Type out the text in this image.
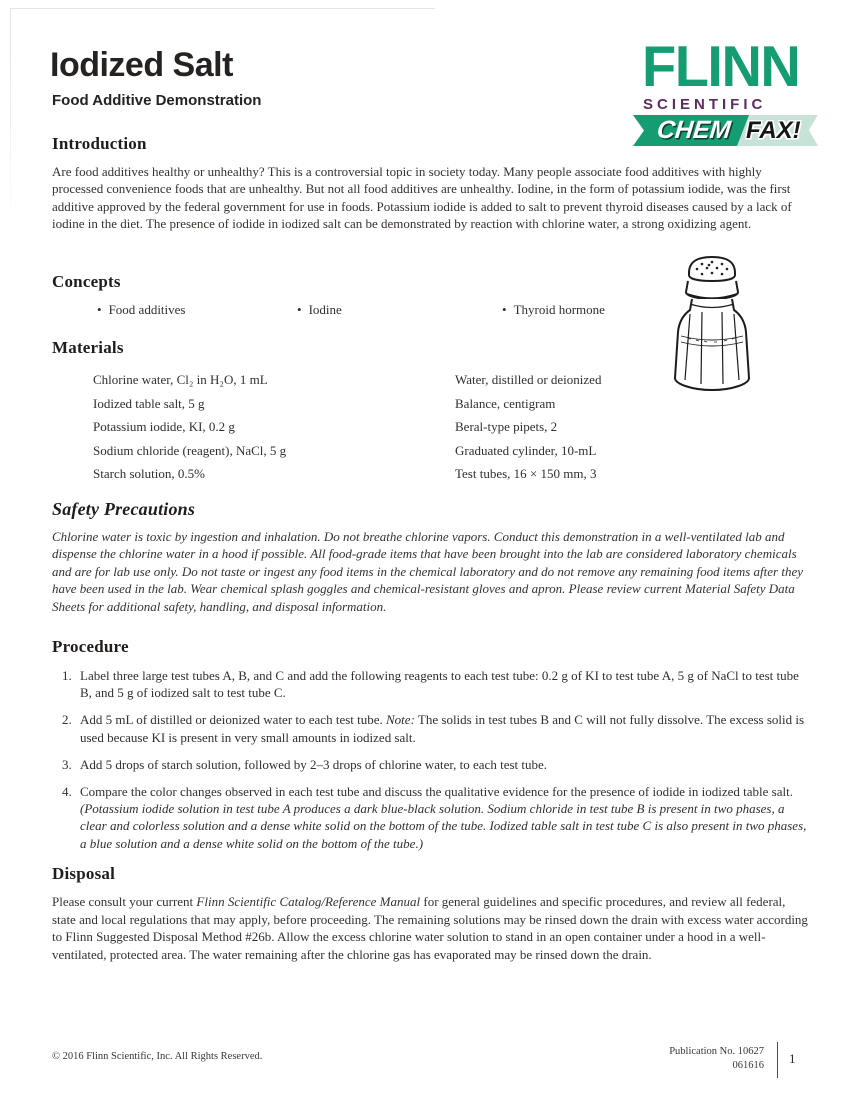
Iodized Salt
Food Additive Demonstration
FLINN
SCIENTIFIC
CHEM FAX!
Introduction

Are food additives healthy or unhealthy? This is a controversial topic in society today. Many people associate food additives with highly processed convenience foods that are unhealthy. But not all food additives are unhealthy. Iodine, in the form of potassium iodide, was the first additive approved by the federal government for use in foods. Potassium iodide is added to salt to prevent thyroid diseases caused by a lack of iodine in the diet. The presence of iodide in iodized salt can be demonstrated by reaction with chlorine water, a strong oxidizing agent.

Concepts
• Food additives	• Iodine	• Thyroid hormone
Materials
Chlorine water, Cl₂ in H₂O, 1 mL	Water, distilled or deionized
Iodized table salt, 5 g	Balance, centigram
Potassium iodide, KI, 0.2 g	Beral-type pipets, 2
Sodium chloride (reagent), NaCl, 5 g	Graduated cylinder, 10-mL
Starch solution, 0.5%	Test tubes, 16 × 150 mm, 3
Safety Precautions

Chlorine water is toxic by ingestion and inhalation. Do not breathe chlorine vapors. Conduct this demonstration in a well-ventilated lab and dispense the chlorine water in a hood if possible. All food-grade items that have been brought into the lab are considered laboratory chemicals and are for lab use only. Do not taste or ingest any food items in the chemical laboratory and do not remove any remaining food items after they have been used in the lab. Wear chemical splash goggles and chemical-resistant gloves and apron. Please review current Material Safety Data Sheets for additional safety, handling, and disposal information.

Procedure
1. Label three large test tubes A, B, and C and add the following reagents to each test tube: 0.2 g of KI to test tube A, 5 g of NaCl to test tube B, and 5 g of iodized salt to test tube C.
2. Add 5 mL of distilled or deionized water to each test tube. Note: The solids in test tubes B and C will not fully dissolve. The excess solid is used because KI is present in very small amounts in iodized salt.
3. Add 5 drops of starch solution, followed by 2–3 drops of chlorine water, to each test tube.
4. Compare the color changes observed in each test tube and discuss the qualitative evidence for the presence of iodide in iodized table salt. (Potassium iodide solution in test tube A produces a dark blue-black solution. Sodium chloride in test tube B is present in two phases, a clear and colorless solution and a dense white solid on the bottom of the tube. Iodized table salt in test tube C is also present in two phases, a blue solution and a dense white solid on the bottom of the tube.)
Disposal

Please consult your current Flinn Scientific Catalog/Reference Manual for general guidelines and specific procedures, and review all federal, state and local regulations that may apply, before proceeding. The remaining solutions may be rinsed down the drain with excess water according to Flinn Suggested Disposal Method #26b. Allow the excess chlorine water solution to stand in an open container under a hood in a well-ventilated, protected area. The water remaining after the chlorine gas has evaporated may be rinsed down the drain.

© 2016 Flinn Scientific, Inc. All Rights Reserved.	Publication No. 10627
061616 1
